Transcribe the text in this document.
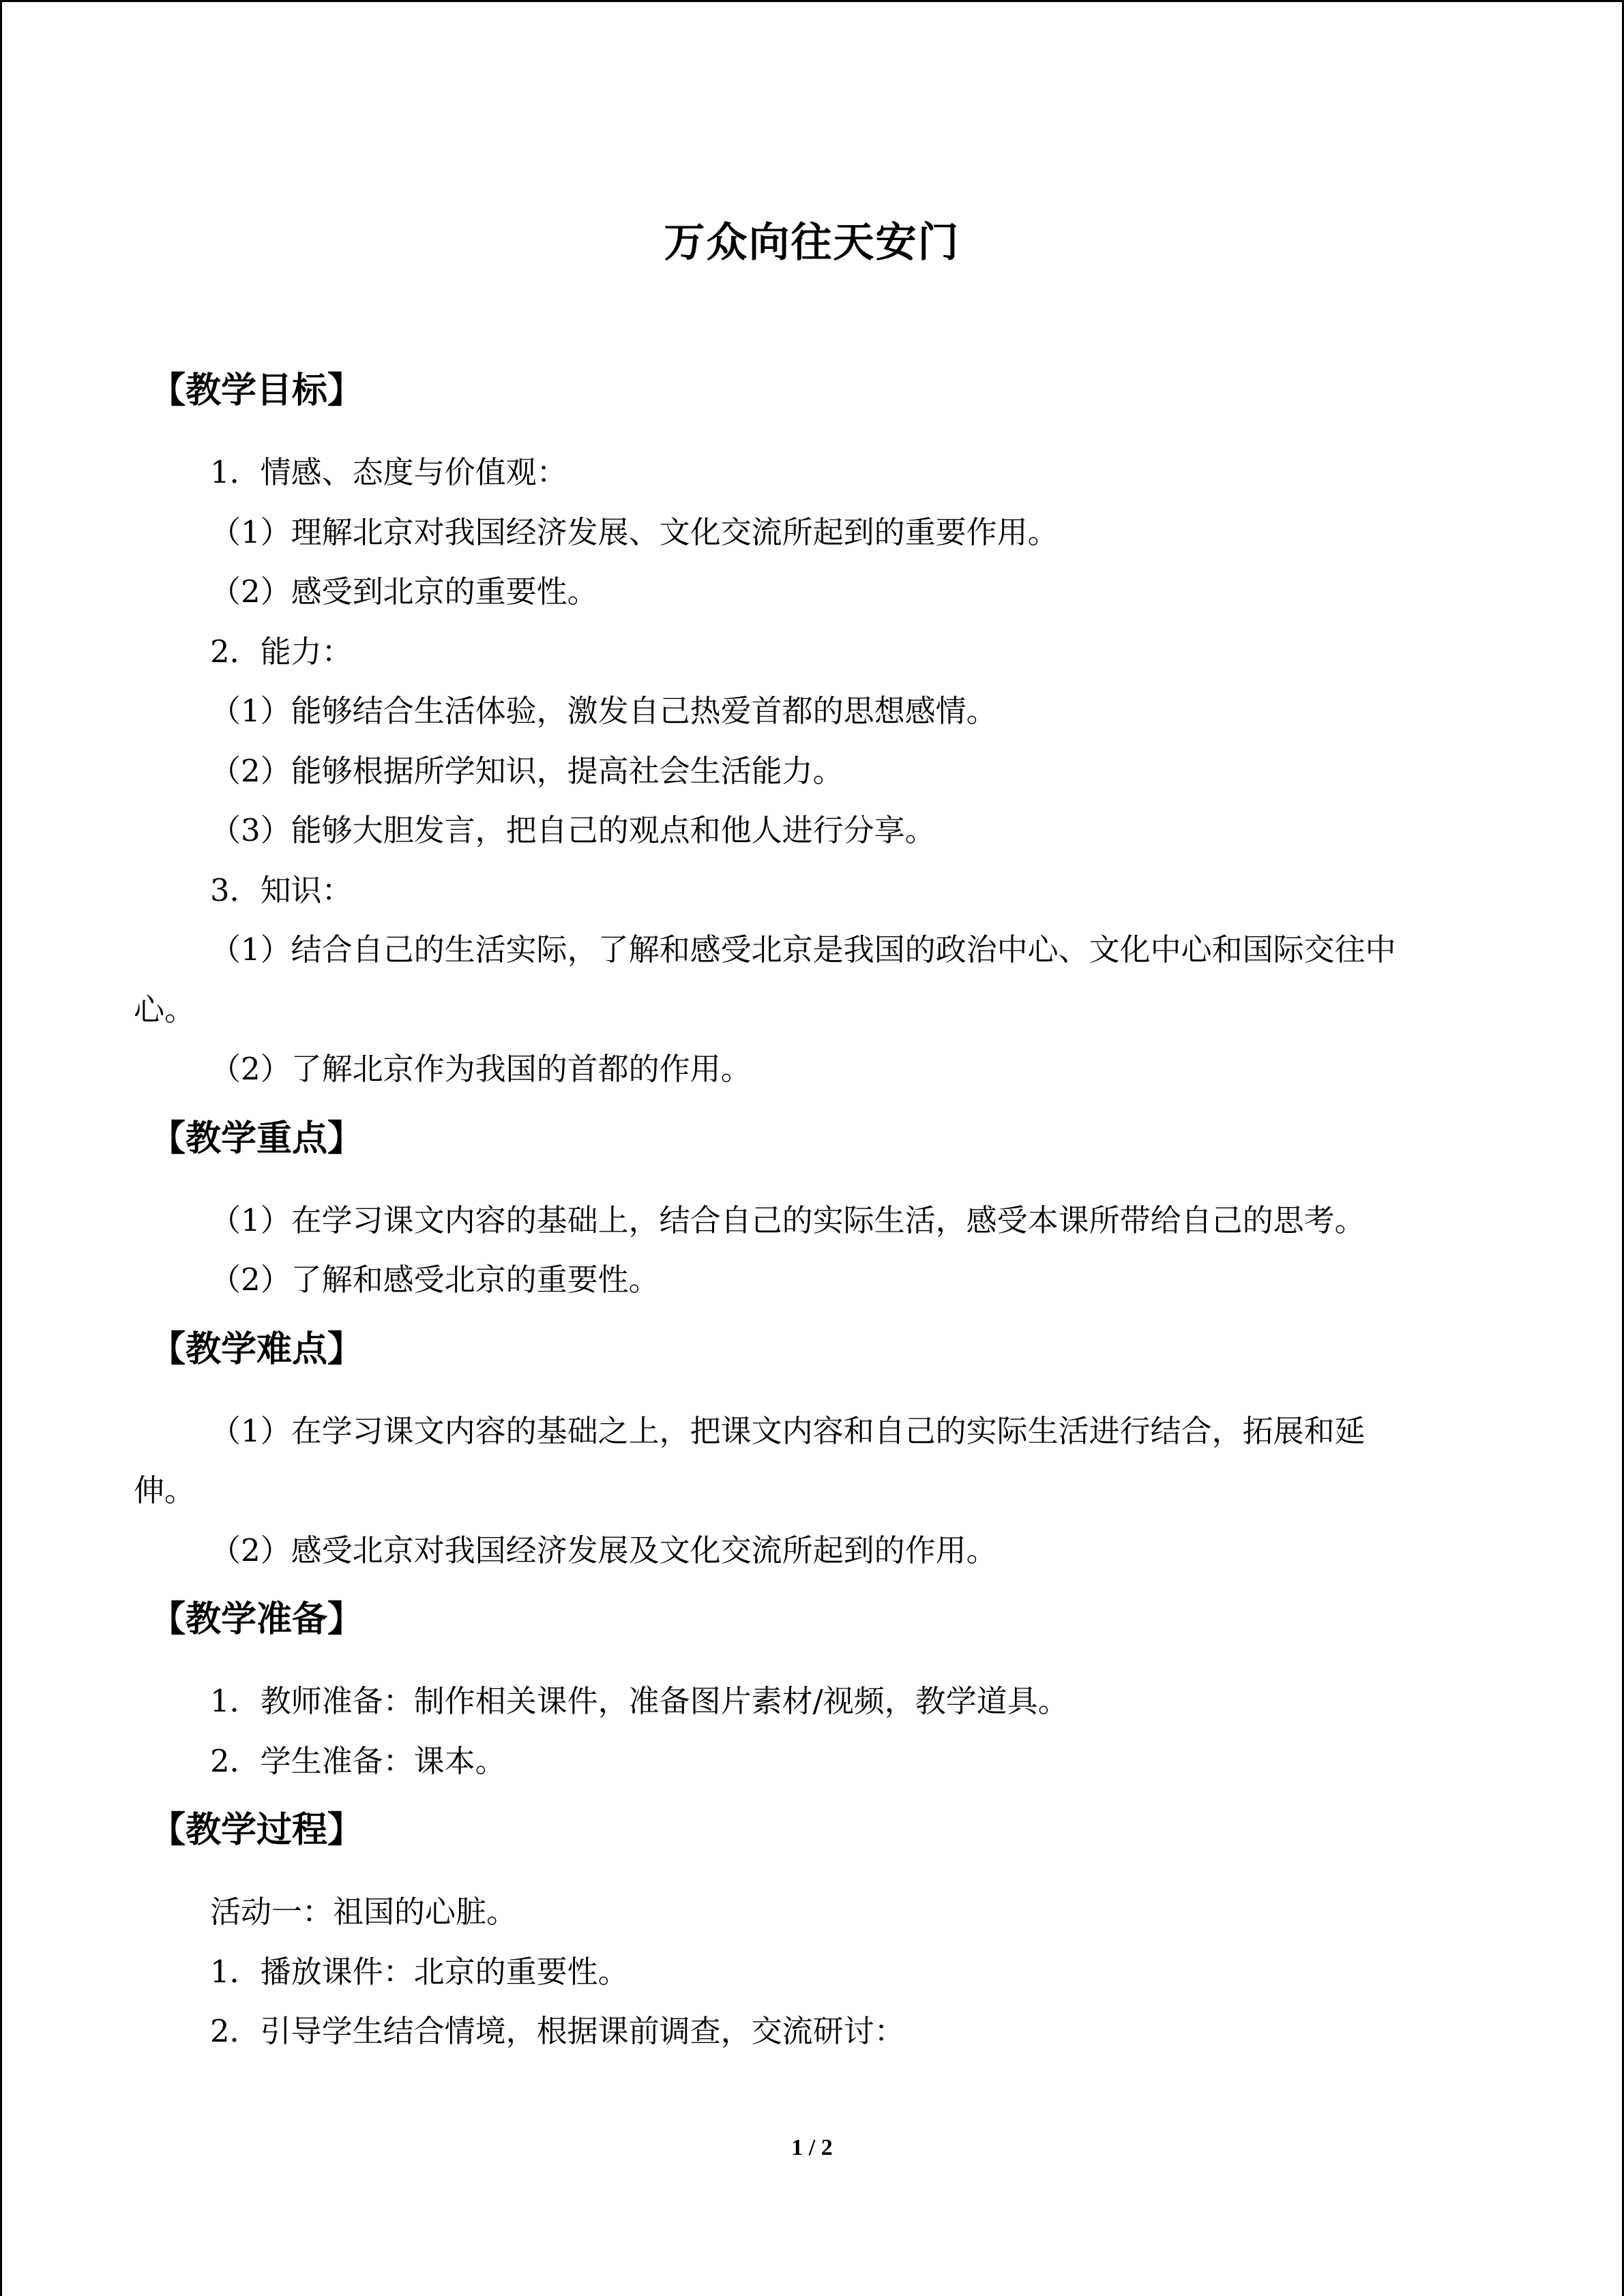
万众向往天安门
【教学目标】
1．情感、态度与价值观：
（1）理解北京对我国经济发展、文化交流所起到的重要作用。
（2）感受到北京的重要性。
2．能力：
（1）能够结合生活体验，激发自己热爱首都的思想感情。
（2）能够根据所学知识，提高社会生活能力。
（3）能够大胆发言，把自己的观点和他人进行分享。
3．知识：
（1）结合自己的生活实际，了解和感受北京是我国的政治中心、文化中心和国际交往中
心。
（2）了解北京作为我国的首都的作用。
【教学重点】
（1）在学习课文内容的基础上，结合自己的实际生活，感受本课所带给自己的思考。
（2）了解和感受北京的重要性。
【教学难点】
（1）在学习课文内容的基础之上，把课文内容和自己的实际生活进行结合，拓展和延
伸。
（2）感受北京对我国经济发展及文化交流所起到的作用。
【教学准备】
1．教师准备：制作相关课件，准备图片素材/视频，教学道具。
2．学生准备：课本。
【教学过程】
活动一：祖国的心脏。
1．播放课件：北京的重要性。
2．引导学生结合情境，根据课前调查，交流研讨：
1 / 2
